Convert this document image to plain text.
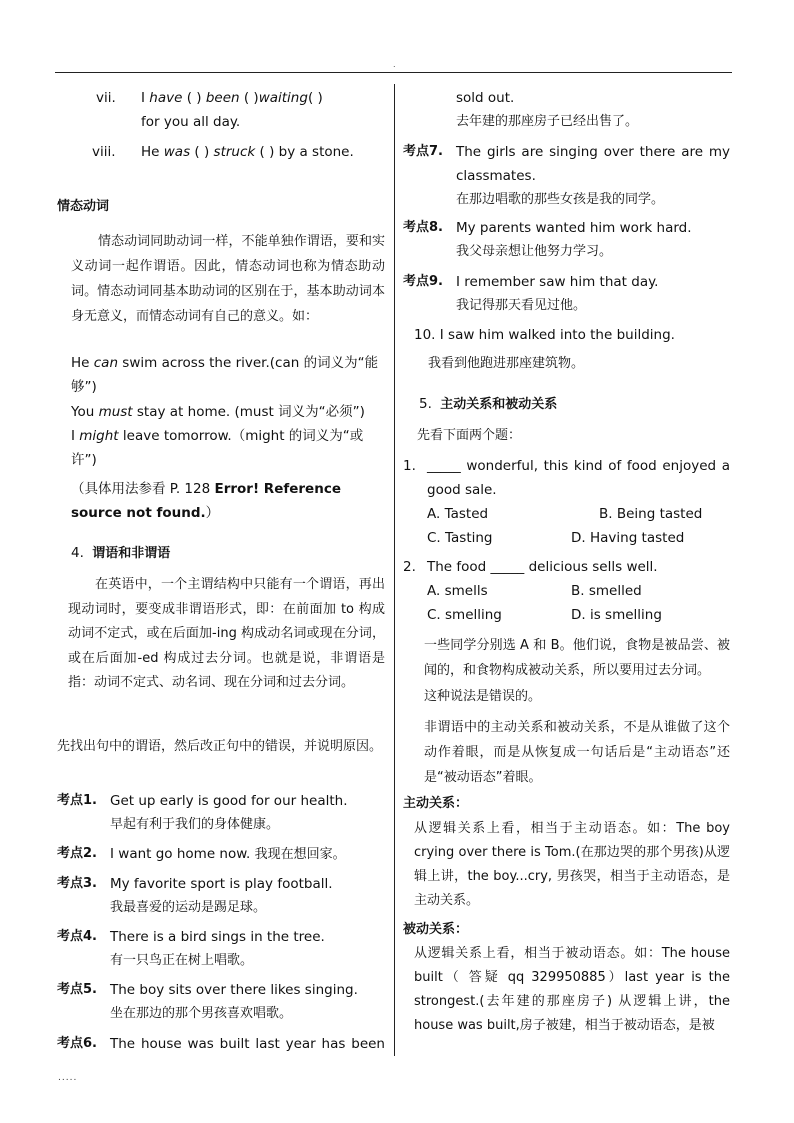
.
vii. I have ( ) been ( )waiting( )
for you all day.
viii. He was ( ) struck ( ) by a stone.
情态动词
情态动词同助动词一样，不能单独作谓语，要和实义动词一起作谓语。因此，情态动词也称为情态助动词。情态动词同基本助动词的区别在于，基本助动词本身无意义，而情态动词有自己的意义。如：
He can swim across the river.(can 的词义为“能够”)
You must stay at home. (must 词义为“必须”)
I might leave tomorrow.（might 的词义为“或许”)
（具体用法参看 P. 128 Error! Reference source not found.）
4. 谓语和非谓语
在英语中，一个主谓结构中只能有一个谓语，再出现动词时，要变成非谓语形式，即：在前面加 to 构成动词不定式，或在后面加-ing 构成动名词或现在分词，或在后面加-ed 构成过去分词。也就是说，非谓语是指：动词不定式、动名词、现在分词和过去分词。
先找出句中的谓语，然后改正句中的错误，并说明原因。
考点1. Get up early is good for our health.
早起有利于我们的身体健康。
考点2. I want go home now. 我现在想回家。
考点3. My favorite sport is play football.
我最喜爱的运动是踢足球。
考点4. There is a bird sings in the tree.
有一只鸟正在树上唱歌。
考点5. The boy sits over there likes singing.
坐在那边的那个男孩喜欢唱歌。
考点6. The house was built last year has been
sold out.
去年建的那座房子已经出售了。
考点7. The girls are singing over there are my classmates.
在那边唱歌的那些女孩是我的同学。
考点8. My parents wanted him work hard.
我父母亲想让他努力学习。
考点9. I remember saw him that day.
我记得那天看见过他。
10. I saw him walked into the building.
我看到他跑进那座建筑物。
5. 主动关系和被动关系
先看下面两个题：
1. _____ wonderful, this kind of food enjoyed a good sale.
A. Tasted	B. Being tasted
C. Tasting	D. Having tasted
2. The food _____ delicious sells well.
A. smells	B. smelled
C. smelling	D. is smelling
一些同学分别选 A 和 B。他们说，食物是被品尝、被闻的，和食物构成被动关系，所以要用过去分词。
这种说法是错误的。
非谓语中的主动关系和被动关系，不是从谁做了这个动作着眼，而是从恢复成一句话后是“主动语态”还是“被动语态”着眼。
主动关系：
从逻辑关系上看，相当于主动语态。如：The boy crying over there is Tom.(在那边哭的那个男孩)从逻辑上讲，the boy...cry, 男孩哭，相当于主动语态，是主动关系。
被动关系：
从逻辑关系上看，相当于被动语态。如：The house built（ 答疑 qq 329950885）last year is the strongest.(去年建的那座房子) 从逻辑上讲，the house was built,房子被建，相当于被动语态，是被
.....
